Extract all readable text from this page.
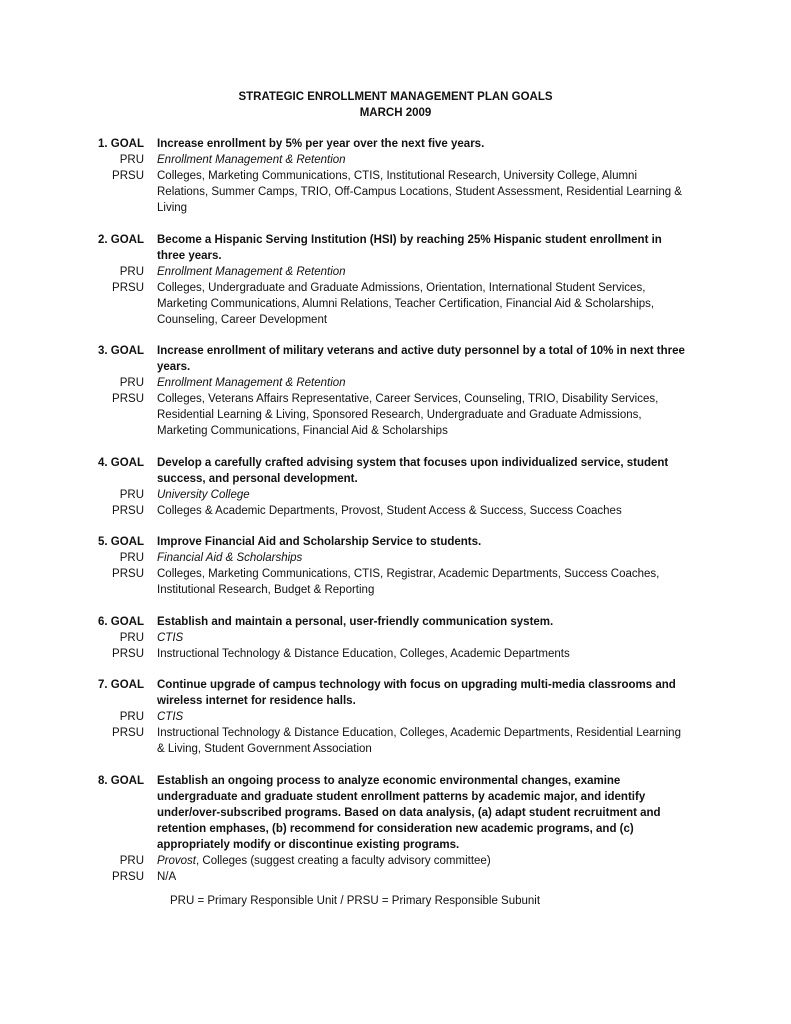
STRATEGIC ENROLLMENT MANAGEMENT PLAN GOALS
MARCH 2009
1. GOAL	Increase enrollment by 5% per year over the next five years.
PRU	Enrollment Management & Retention
PRSU	Colleges, Marketing Communications, CTIS, Institutional Research, University College, Alumni Relations, Summer Camps, TRIO, Off-Campus Locations, Student Assessment, Residential Learning & Living
2. GOAL	Become a Hispanic Serving Institution (HSI) by reaching 25% Hispanic student enrollment in three years.
PRU	Enrollment Management & Retention
PRSU	Colleges, Undergraduate and Graduate Admissions, Orientation, International Student Services, Marketing Communications, Alumni Relations, Teacher Certification, Financial Aid & Scholarships, Counseling, Career Development
3. GOAL	Increase enrollment of military veterans and active duty personnel by a total of 10% in next three years.
PRU	Enrollment Management & Retention
PRSU	Colleges, Veterans Affairs Representative, Career Services, Counseling, TRIO, Disability Services, Residential Learning & Living, Sponsored Research, Undergraduate and Graduate Admissions, Marketing Communications, Financial Aid & Scholarships
4. GOAL	Develop a carefully crafted advising system that focuses upon individualized service, student success, and personal development.
PRU	University College
PRSU	Colleges & Academic Departments, Provost, Student Access & Success, Success Coaches
5. GOAL	Improve Financial Aid and Scholarship Service to students.
PRU	Financial Aid & Scholarships
PRSU	Colleges, Marketing Communications, CTIS, Registrar, Academic Departments, Success Coaches, Institutional Research, Budget & Reporting
6. GOAL	Establish and maintain a personal, user-friendly communication system.
PRU	CTIS
PRSU	Instructional Technology & Distance Education, Colleges, Academic Departments
7. GOAL	Continue upgrade of campus technology with focus on upgrading multi-media classrooms and wireless internet for residence halls.
PRU	CTIS
PRSU	Instructional Technology & Distance Education, Colleges, Academic Departments, Residential Learning & Living, Student Government Association
8. GOAL	Establish an ongoing process to analyze economic environmental changes, examine undergraduate and graduate student enrollment patterns by academic major, and identify under/over-subscribed programs. Based on data analysis, (a) adapt student recruitment and retention emphases, (b) recommend for consideration new academic programs, and (c) appropriately modify or discontinue existing programs.
PRU	Provost, Colleges (suggest creating a faculty advisory committee)
PRSU	N/A
PRU = Primary Responsible Unit / PRSU = Primary Responsible Subunit
